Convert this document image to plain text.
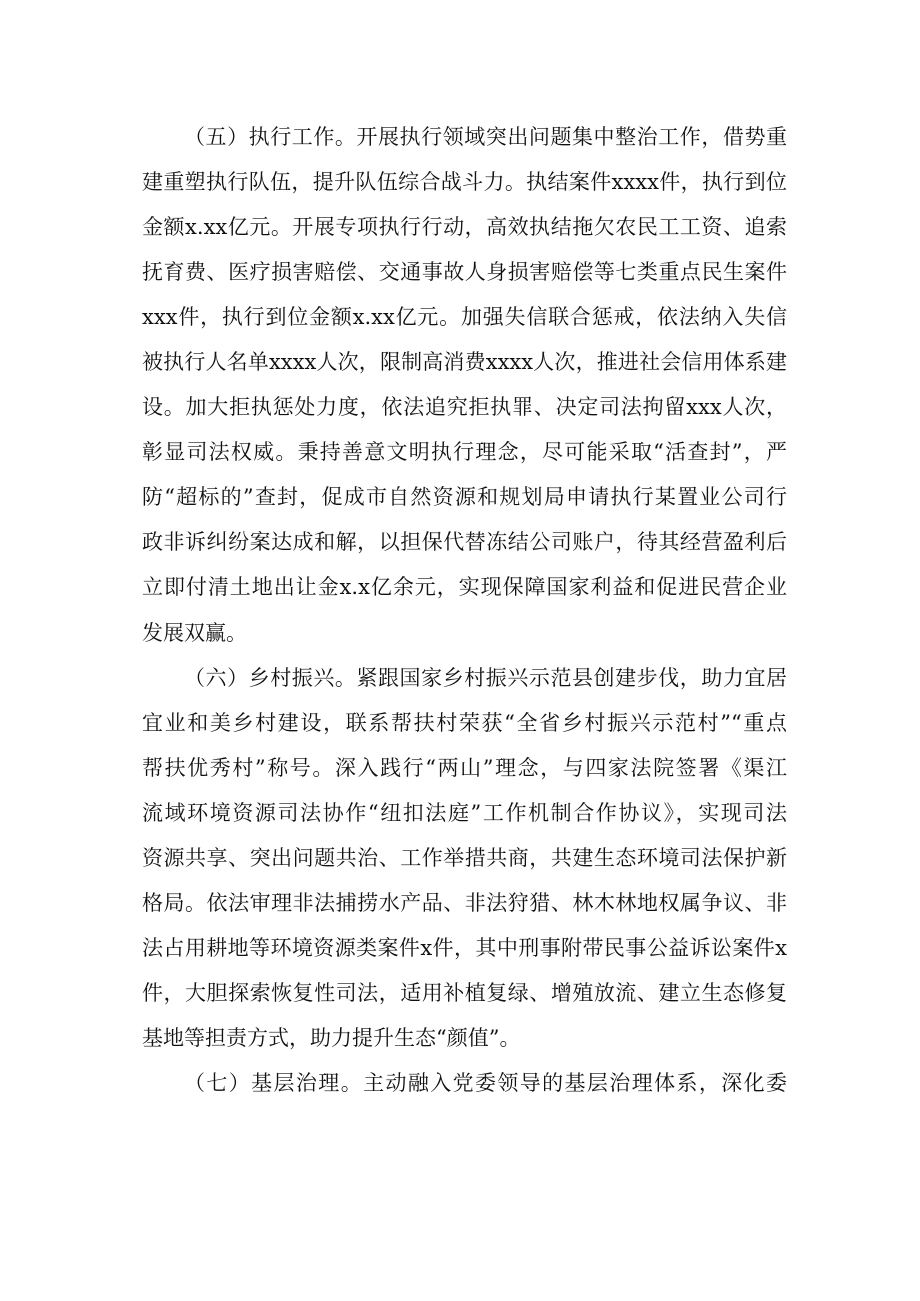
（五）执行工作。开展执行领域突出问题集中整治工作，借势重
建重塑执行队伍，提升队伍综合战斗力。执结案件xxxx件，执行到位
金额x.xx亿元。开展专项执行行动，高效执结拖欠农民工工资、追索
抚育费、医疗损害赔偿、交通事故人身损害赔偿等七类重点民生案件
xxx件，执行到位金额x.xx亿元。加强失信联合惩戒，依法纳入失信
被执行人名单xxxx人次，限制高消费xxxx人次，推进社会信用体系建
设。加大拒执惩处力度，依法追究拒执罪、决定司法拘留xxx人次，
彰显司法权威。秉持善意文明执行理念，尽可能采取“活查封”，严
防“超标的”查封，促成市自然资源和规划局申请执行某置业公司行
政非诉纠纷案达成和解，以担保代替冻结公司账户，待其经营盈利后
立即付清土地出让金x.x亿余元，实现保障国家利益和促进民营企业
发展双赢。
（六）乡村振兴。紧跟国家乡村振兴示范县创建步伐，助力宜居
宜业和美乡村建设，联系帮扶村荣获“全省乡村振兴示范村”“重点
帮扶优秀村”称号。深入践行“两山”理念，与四家法院签署《渠江
流域环境资源司法协作“纽扣法庭”工作机制合作协议》，实现司法
资源共享、突出问题共治、工作举措共商，共建生态环境司法保护新
格局。依法审理非法捕捞水产品、非法狩猎、林木林地权属争议、非
法占用耕地等环境资源类案件x件，其中刑事附带民事公益诉讼案件x
件，大胆探索恢复性司法，适用补植复绿、增殖放流、建立生态修复
基地等担责方式，助力提升生态“颜值”。
（七）基层治理。主动融入党委领导的基层治理体系，深化委
